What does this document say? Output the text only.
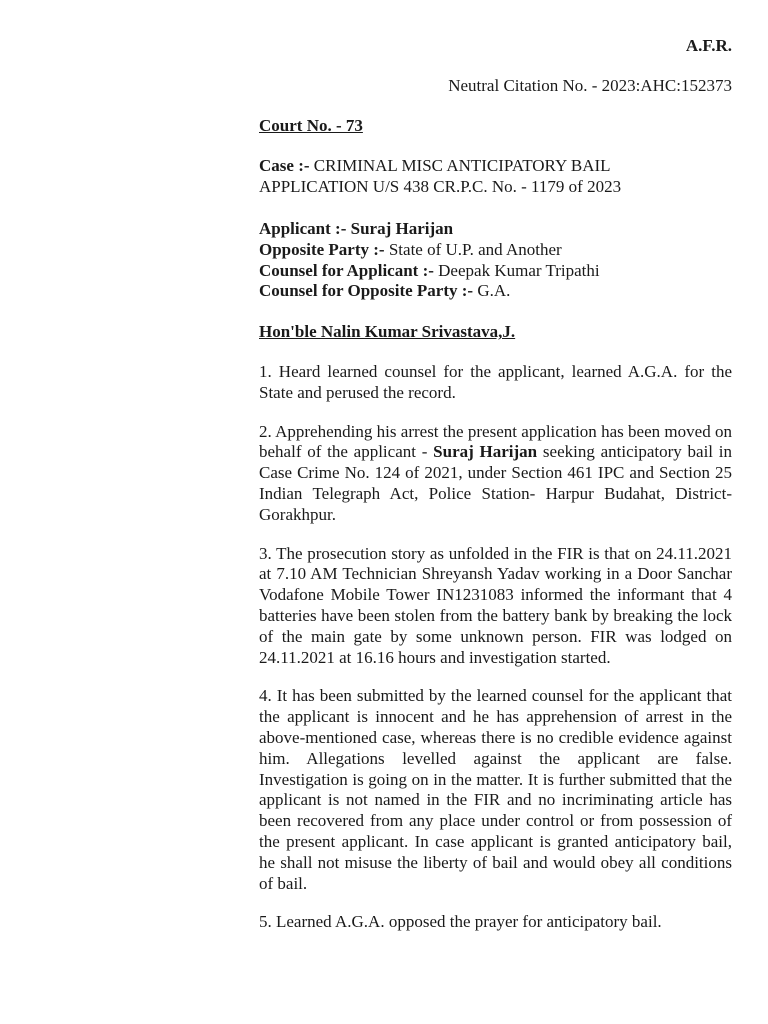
A.F.R.

Neutral Citation No. - 2023:AHC:152373

Court No. - 73

Case :- CRIMINAL MISC ANTICIPATORY BAIL
APPLICATION U/S 438 CR.P.C. No. - 1179 of 2023

Applicant :- Suraj Harijan

Opposite Party :- State of U.P. and Another

Counsel for Applicant :- Deepak Kumar Tripathi

Counsel for Opposite Party :- G.A.

Hon'ble Nalin Kumar Srivastava,J.

1. Heard learned counsel for the applicant, learned A.G.A. for the State and perused the record.

2. Apprehending his arrest the present application has been moved on behalf of the applicant - Suraj Harijan seeking anticipatory bail in Case Crime No. 124 of 2021, under Section 461 IPC and Section 25 Indian Telegraph Act, Police Station- Harpur Budahat, District- Gorakhpur.

3. The prosecution story as unfolded in the FIR is that on 24.11.2021 at 7.10 AM Technician Shreyansh Yadav working in a Door Sanchar Vodafone Mobile Tower IN1231083 informed the informant that 4 batteries have been stolen from the battery bank by breaking the lock of the main gate by some unknown person. FIR was lodged on 24.11.2021 at 16.16 hours and investigation started.

4. It has been submitted by the learned counsel for the applicant that the applicant is innocent and he has apprehension of arrest in the above-mentioned case, whereas there is no credible evidence against him. Allegations levelled against the applicant are false. Investigation is going on in the matter. It is further submitted that the applicant is not named in the FIR and no incriminating article has been recovered from any place under control or from possession of the present applicant. In case applicant is granted anticipatory bail, he shall not misuse the liberty of bail and would obey all conditions of bail.

5. Learned A.G.A. opposed the prayer for anticipatory bail.
